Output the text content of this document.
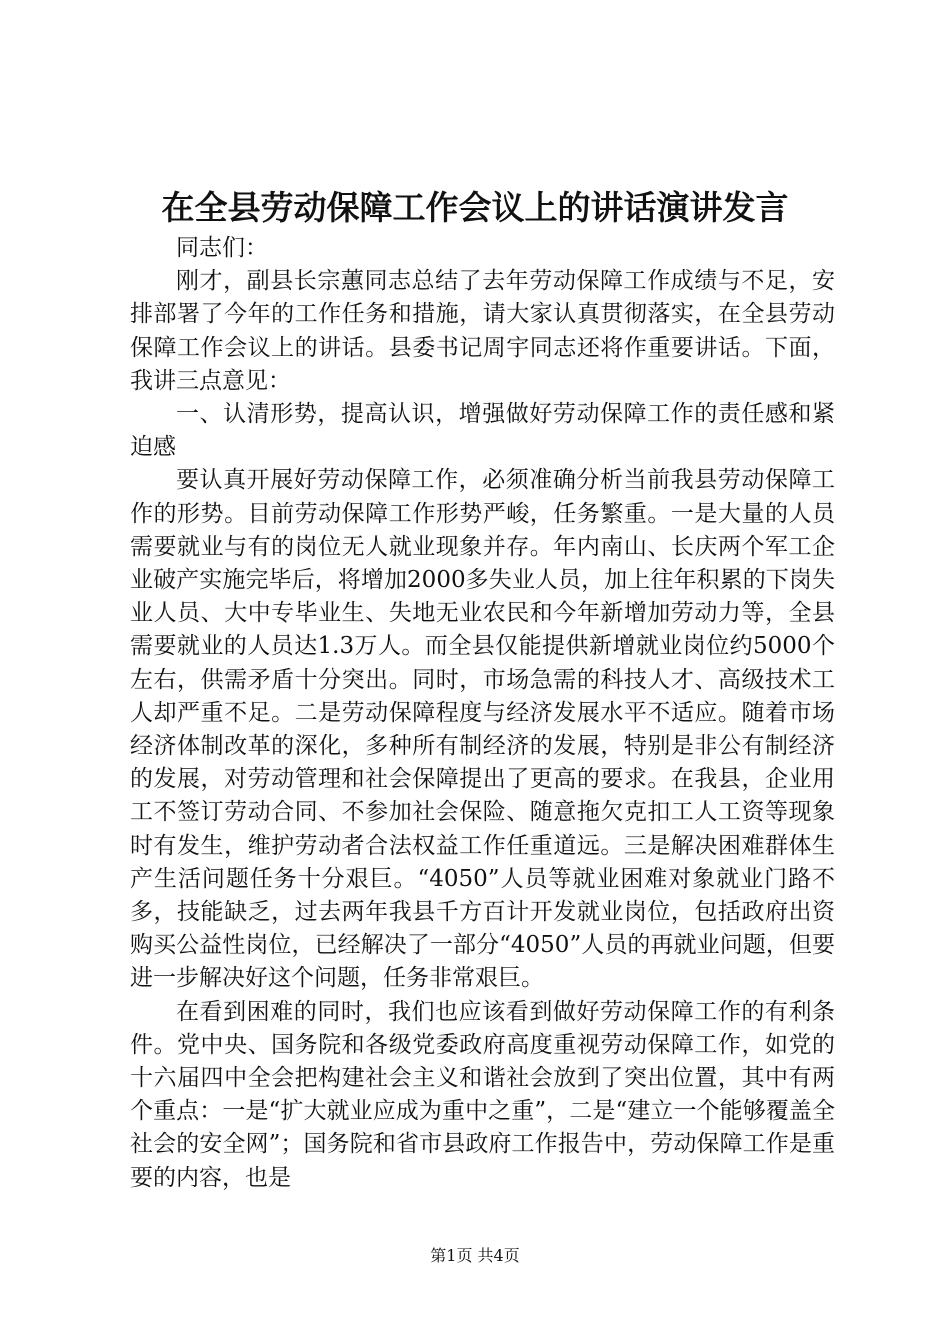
在全县劳动保障工作会议上的讲话演讲发言

同志们：

刚才，副县长宗蕙同志总结了去年劳动保障工作成绩与不足，安排部署了今年的工作任务和措施，请大家认真贯彻落实，在全县劳动保障工作会议上的讲话。县委书记周宇同志还将作重要讲话。下面，我讲三点意见：

一、认清形势，提高认识，增强做好劳动保障工作的责任感和紧迫感

要认真开展好劳动保障工作，必须准确分析当前我县劳动保障工作的形势。目前劳动保障工作形势严峻，任务繁重。一是大量的人员需要就业与有的岗位无人就业现象并存。年内南山、长庆两个军工企业破产实施完毕后，将增加2000多失业人员，加上往年积累的下岗失业人员、大中专毕业生、失地无业农民和今年新增加劳动力等，全县需要就业的人员达1.3万人。而全县仅能提供新增就业岗位约5000个左右，供需矛盾十分突出。同时，市场急需的科技人才、高级技术工人却严重不足。二是劳动保障程度与经济发展水平不适应。随着市场经济体制改革的深化，多种所有制经济的发展，特别是非公有制经济的发展，对劳动管理和社会保障提出了更高的要求。在我县，企业用工不签订劳动合同、不参加社会保险、随意拖欠克扣工人工资等现象时有发生，维护劳动者合法权益工作任重道远。三是解决困难群体生产生活问题任务十分艰巨。“4050”人员等就业困难对象就业门路不多，技能缺乏，过去两年我县千方百计开发就业岗位，包括政府出资购买公益性岗位，已经解决了一部分“4050”人员的再就业问题，但要进一步解决好这个问题，任务非常艰巨。

在看到困难的同时，我们也应该看到做好劳动保障工作的有利条件。党中央、国务院和各级党委政府高度重视劳动保障工作，如党的十六届四中全会把构建社会主义和谐社会放到了突出位置，其中有两个重点：一是“扩大就业应成为重中之重”，二是“建立一个能够覆盖全社会的安全网”；国务院和省市县政府工作报告中，劳动保障工作是重要的内容，也是

第1页 共4页
